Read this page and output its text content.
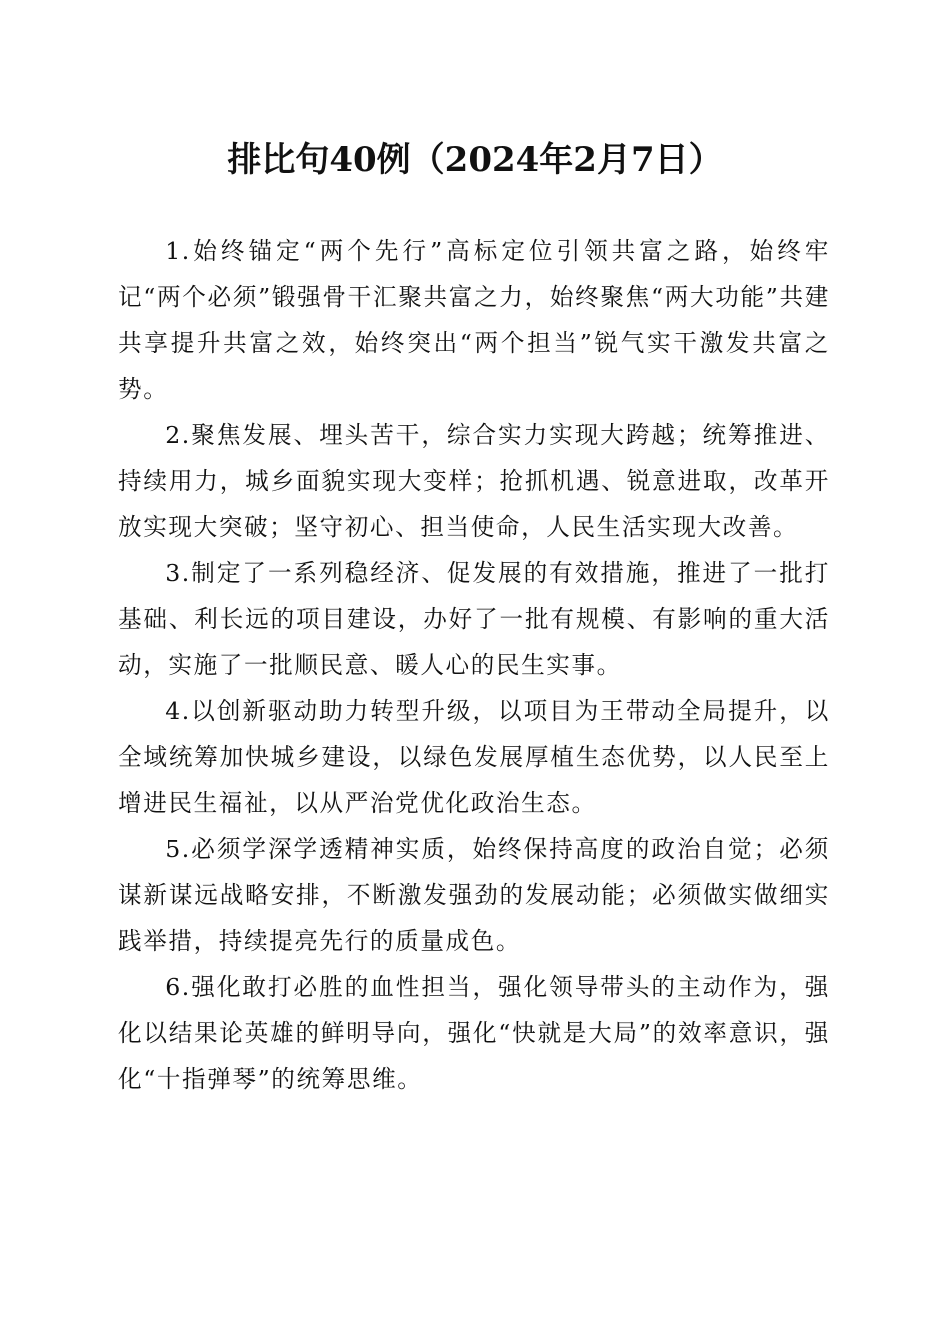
排比句40例（2024年2月7日）

1.始终锚定“两个先行”高标定位引领共富之路，始终牢记“两个必须”锻强骨干汇聚共富之力，始终聚焦“两大功能”共建共享提升共富之效，始终突出“两个担当”锐气实干激发共富之势。

2.聚焦发展、埋头苦干，综合实力实现大跨越；统筹推进、持续用力，城乡面貌实现大变样；抢抓机遇、锐意进取，改革开放实现大突破；坚守初心、担当使命，人民生活实现大改善。

3.制定了一系列稳经济、促发展的有效措施，推进了一批打基础、利长远的项目建设，办好了一批有规模、有影响的重大活动，实施了一批顺民意、暖人心的民生实事。

4.以创新驱动助力转型升级，以项目为王带动全局提升，以全域统筹加快城乡建设，以绿色发展厚植生态优势，以人民至上增进民生福祉，以从严治党优化政治生态。

5.必须学深学透精神实质，始终保持高度的政治自觉；必须谋新谋远战略安排，不断激发强劲的发展动能；必须做实做细实践举措，持续提亮先行的质量成色。

6.强化敢打必胜的血性担当，强化领导带头的主动作为，强化以结果论英雄的鲜明导向，强化“快就是大局”的效率意识，强化“十指弹琴”的统筹思维。
